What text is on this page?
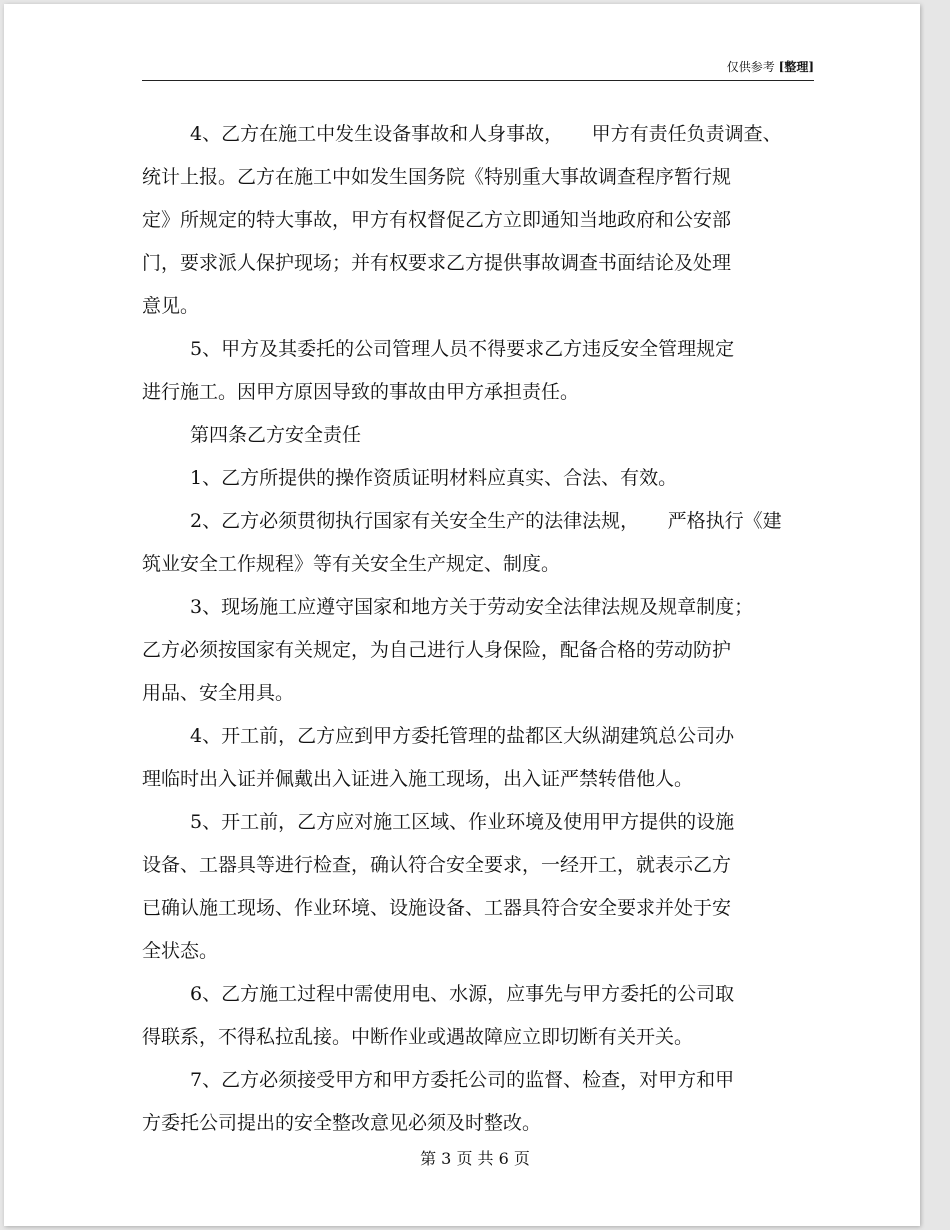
仅供参考 [整理]
4、乙方在施工中发生设备事故和人身事故，　　甲方有责任负责调查、
统计上报。乙方在施工中如发生国务院《特别重大事故调查程序暂行规
定》所规定的特大事故，甲方有权督促乙方立即通知当地政府和公安部
门，要求派人保护现场；并有权要求乙方提供事故调查书面结论及处理
意见。
5、甲方及其委托的公司管理人员不得要求乙方违反安全管理规定
进行施工。因甲方原因导致的事故由甲方承担责任。
第四条乙方安全责任
1、乙方所提供的操作资质证明材料应真实、合法、有效。
2、乙方必须贯彻执行国家有关安全生产的法律法规，　　严格执行《建
筑业安全工作规程》等有关安全生产规定、制度。
3、现场施工应遵守国家和地方关于劳动安全法律法规及规章制度；
乙方必须按国家有关规定，为自己进行人身保险，配备合格的劳动防护
用品、安全用具。
4、开工前，乙方应到甲方委托管理的盐都区大纵湖建筑总公司办
理临时出入证并佩戴出入证进入施工现场，出入证严禁转借他人。
5、开工前，乙方应对施工区域、作业环境及使用甲方提供的设施
设备、工器具等进行检查，确认符合安全要求，一经开工，就表示乙方
已确认施工现场、作业环境、设施设备、工器具符合安全要求并处于安
全状态。
6、乙方施工过程中需使用电、水源，应事先与甲方委托的公司取
得联系，不得私拉乱接。中断作业或遇故障应立即切断有关开关。
7、乙方必须接受甲方和甲方委托公司的监督、检查，对甲方和甲
方委托公司提出的安全整改意见必须及时整改。
第 3 页 共 6 页
